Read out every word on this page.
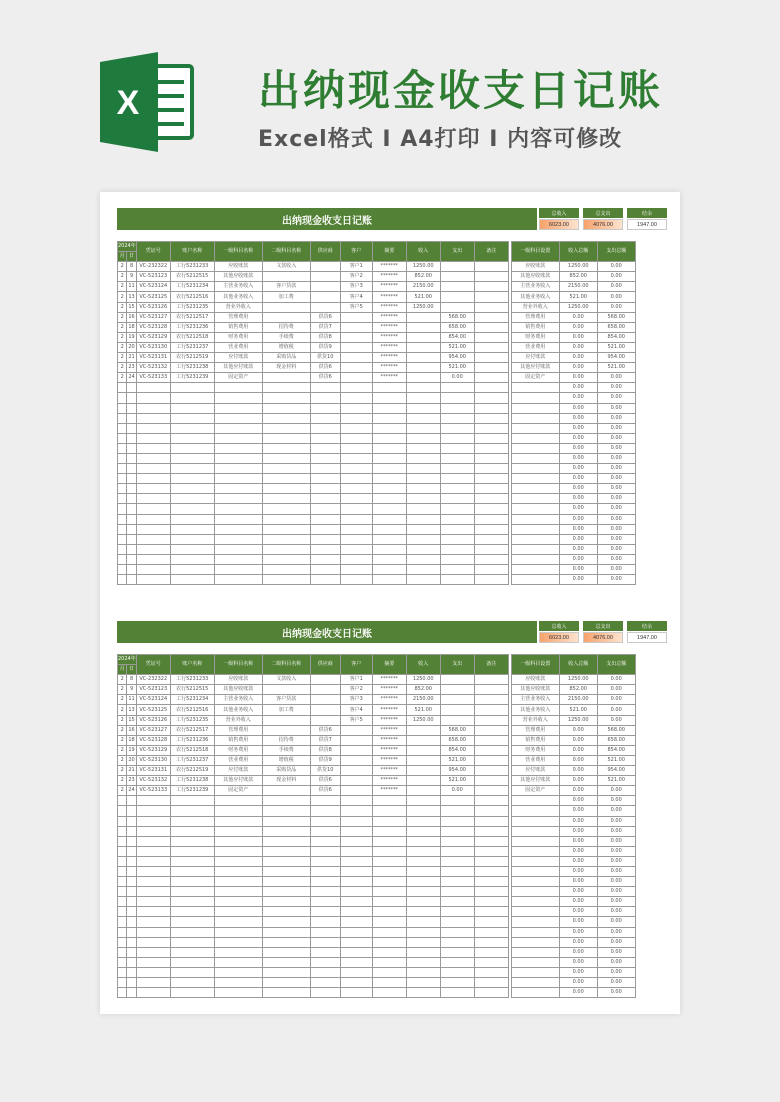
X	出纳现金收支日记账
Excel格式 I A4打印 I 内容可修改
出纳现金收支日记账
总收入
6023.00
总支出
4076.00
结余
1947.00
2024年		凭证号	账户名称	一级科目名称	二级科目名称	供应商	客户	摘要	收入	支出	备注		一级科目设置	收入总额	支出总额
月	日														
2	8	VC-232322	工行5231233	应收账款	文款收入		客户1	*******	1250.00				应收账款	1250.00	0.00
2	9	VC-523123	农行5212515	其他应收账款			客户2	*******	852.00				其他应收账款	852.00	0.00
2	11	VC-523124	工行5231234	主营业务收入	客户货款		客户3	*******	2150.00				主营业务收入	2150.00	0.00
2	13	VC-523125	农行5212516	其他业务收入	加工费		客户4	*******	521.00				其他业务收入	521.00	0.00
2	15	VC-523126	工行5231235	营业外收入			客户5	*******	1250.00				营业外收入	1250.00	0.00
2	16	VC-523127	农行5212517	管理费用		供货6		*******		568.00			管理费用	0.00	568.00
2	18	VC-523128	工行5231236	销售费用	招待费	供货7		*******		658.00			销售费用	0.00	658.00
2	19	VC-523129	农行5212518	财务费用	手续费	供货8		*******		854.00			财务费用	0.00	854.00
2	20	VC-523130	工行5231237	营业费用	增值税	供货9		*******		521.00			营业费用	0.00	521.00
2	21	VC-523131	农行5212519	应付账款	采购货品	供货10		*******		954.00			应付账款	0.00	954.00
2	23	VC-523132	工行5231238	其他应付账款	现金材料	供货6		*******		521.00			其他应付账款	0.00	521.00
2	24	VC-523133	工行5231239	固定资产		供货6		*******		0.00			固定资产	0.00	0.00
														0.00	0.00
														0.00	0.00
														0.00	0.00
														0.00	0.00
														0.00	0.00
														0.00	0.00
														0.00	0.00
														0.00	0.00
														0.00	0.00
														0.00	0.00
														0.00	0.00
														0.00	0.00
														0.00	0.00
														0.00	0.00
														0.00	0.00
														0.00	0.00
														0.00	0.00
														0.00	0.00
														0.00	0.00
														0.00	0.00
出纳现金收支日记账
总收入
6023.00
总支出
4076.00
结余
1947.00
2024年		凭证号	账户名称	一级科目名称	二级科目名称	供应商	客户	摘要	收入	支出	备注		一级科目设置	收入总额	支出总额
月	日														
2	8	VC-232322	工行5231233	应收账款	文款收入		客户1	*******	1250.00				应收账款	1250.00	0.00
2	9	VC-523123	农行5212515	其他应收账款			客户2	*******	852.00				其他应收账款	852.00	0.00
2	11	VC-523124	工行5231234	主营业务收入	客户货款		客户3	*******	2150.00				主营业务收入	2150.00	0.00
2	13	VC-523125	农行5212516	其他业务收入	加工费		客户4	*******	521.00				其他业务收入	521.00	0.00
2	15	VC-523126	工行5231235	营业外收入			客户5	*******	1250.00				营业外收入	1250.00	0.00
2	16	VC-523127	农行5212517	管理费用		供货6		*******		568.00			管理费用	0.00	568.00
2	18	VC-523128	工行5231236	销售费用	招待费	供货7		*******		658.00			销售费用	0.00	658.00
2	19	VC-523129	农行5212518	财务费用	手续费	供货8		*******		854.00			财务费用	0.00	854.00
2	20	VC-523130	工行5231237	营业费用	增值税	供货9		*******		521.00			营业费用	0.00	521.00
2	21	VC-523131	农行5212519	应付账款	采购货品	供货10		*******		954.00			应付账款	0.00	954.00
2	23	VC-523132	工行5231238	其他应付账款	现金材料	供货6		*******		521.00			其他应付账款	0.00	521.00
2	24	VC-523133	工行5231239	固定资产		供货6		*******		0.00			固定资产	0.00	0.00
														0.00	0.00
														0.00	0.00
														0.00	0.00
														0.00	0.00
														0.00	0.00
														0.00	0.00
														0.00	0.00
														0.00	0.00
														0.00	0.00
														0.00	0.00
														0.00	0.00
														0.00	0.00
														0.00	0.00
														0.00	0.00
														0.00	0.00
														0.00	0.00
														0.00	0.00
														0.00	0.00
														0.00	0.00
														0.00	0.00
